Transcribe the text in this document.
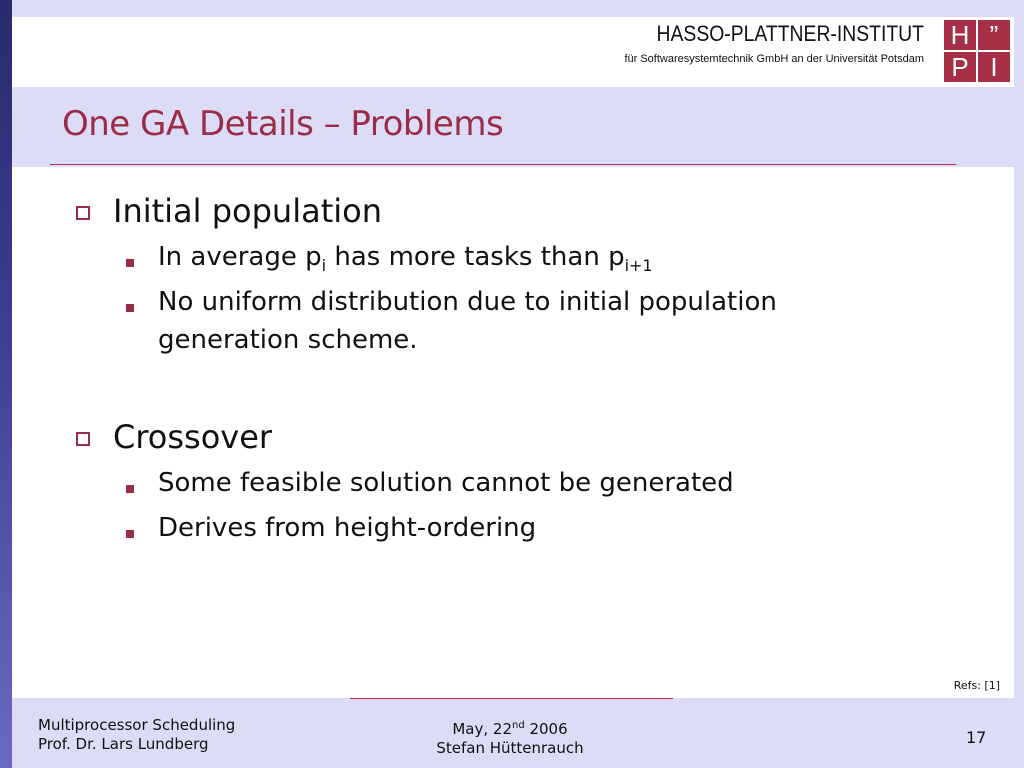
HASSO-PLATTNER-INSTITUT
für Softwaresystemtechnik GmbH an der Universität Potsdam
H ”
P I
One GA Details – Problems
Initial population
In average $p_i$ has more tasks than $p_{i+1}$
No uniform distribution due to initial population
generation scheme.
Crossover
Some feasible solution cannot be generated
Derives from height-ordering
Refs: [1]
Multiprocessor Scheduling
Prof. Dr. Lars Lundberg
May, 22nd 2006
Stefan Hüttenrauch
17
